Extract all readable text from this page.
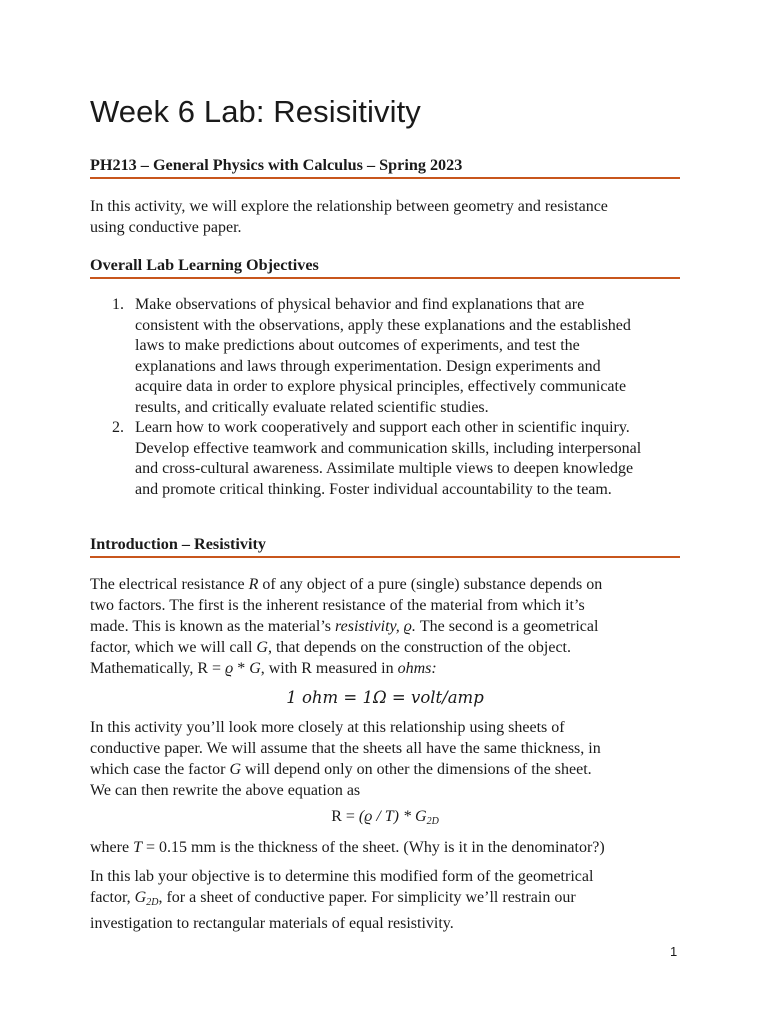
Week 6 Lab: Resisitivity
PH213 – General Physics with Calculus – Spring 2023
In this activity, we will explore the relationship between geometry and resistance
using conductive paper.
Overall Lab Learning Objectives
1. Make observations of physical behavior and find explanations that are
consistent with the observations, apply these explanations and the established
laws to make predictions about outcomes of experiments, and test the
explanations and laws through experimentation. Design experiments and
acquire data in order to explore physical principles, effectively communicate
results, and critically evaluate related scientific studies.
2. Learn how to work cooperatively and support each other in scientific inquiry.
Develop effective teamwork and communication skills, including interpersonal
and cross-cultural awareness. Assimilate multiple views to deepen knowledge
and promote critical thinking. Foster individual accountability to the team.
Introduction – Resistivity
The electrical resistance R of any object of a pure (single) substance depends on
two factors. The first is the inherent resistance of the material from which it’s
made. This is known as the material’s resistivity, ϱ. The second is a geometrical
factor, which we will call G, that depends on the construction of the object.
Mathematically, R = ϱ * G, with R measured in ohms:
1 ohm = 1Ω = volt/amp
In this activity you’ll look more closely at this relationship using sheets of
conductive paper. We will assume that the sheets all have the same thickness, in
which case the factor G will depend only on other the dimensions of the sheet.
We can then rewrite the above equation as
$R = (ϱ / T) * G_{2D}$
where T = 0.15 mm is the thickness of the sheet. (Why is it in the denominator?)
In this lab your objective is to determine this modified form of the geometrical
factor, $G_{2D}$, for a sheet of conductive paper. For simplicity we’ll restrain our
investigation to rectangular materials of equal resistivity.
1
